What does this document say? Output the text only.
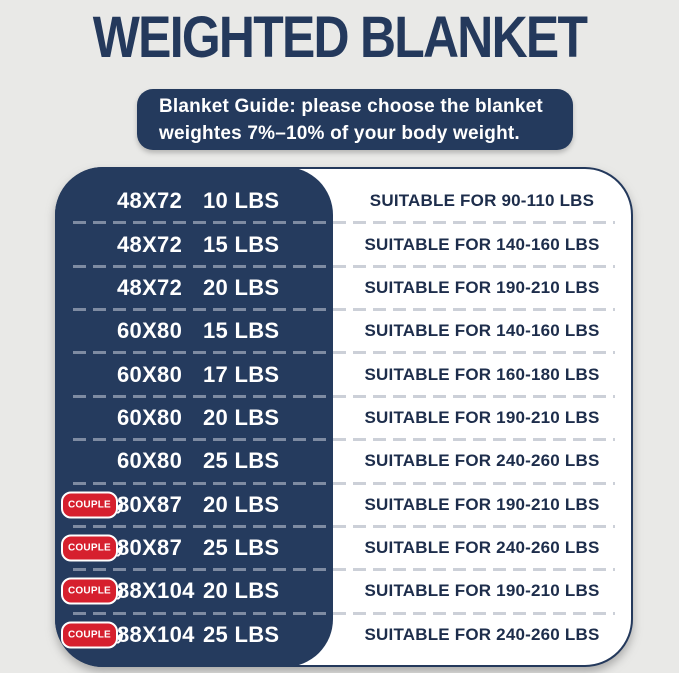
WEIGHTED BLANKET
Blanket Guide: please choose the blanket
weightes 7%–10% of your body weight.
48X72 10 LBS	SUITABLE FOR 90-110 LBS
48X72 15 LBS	SUITABLE FOR 140-160 LBS
48X72 20 LBS	SUITABLE FOR 190-210 LBS
60X80 15 LBS	SUITABLE FOR 140-160 LBS
60X80 17 LBS	SUITABLE FOR 160-180 LBS
60X80 20 LBS	SUITABLE FOR 190-210 LBS
60X80 25 LBS	SUITABLE FOR 240-260 LBS
COUPLE 80X87 20 LBS	SUITABLE FOR 190-210 LBS
COUPLE 80X87 25 LBS	SUITABLE FOR 240-260 LBS
COUPLE 88X104 20 LBS	SUITABLE FOR 190-210 LBS
COUPLE 88X104 25 LBS	SUITABLE FOR 240-260 LBS
